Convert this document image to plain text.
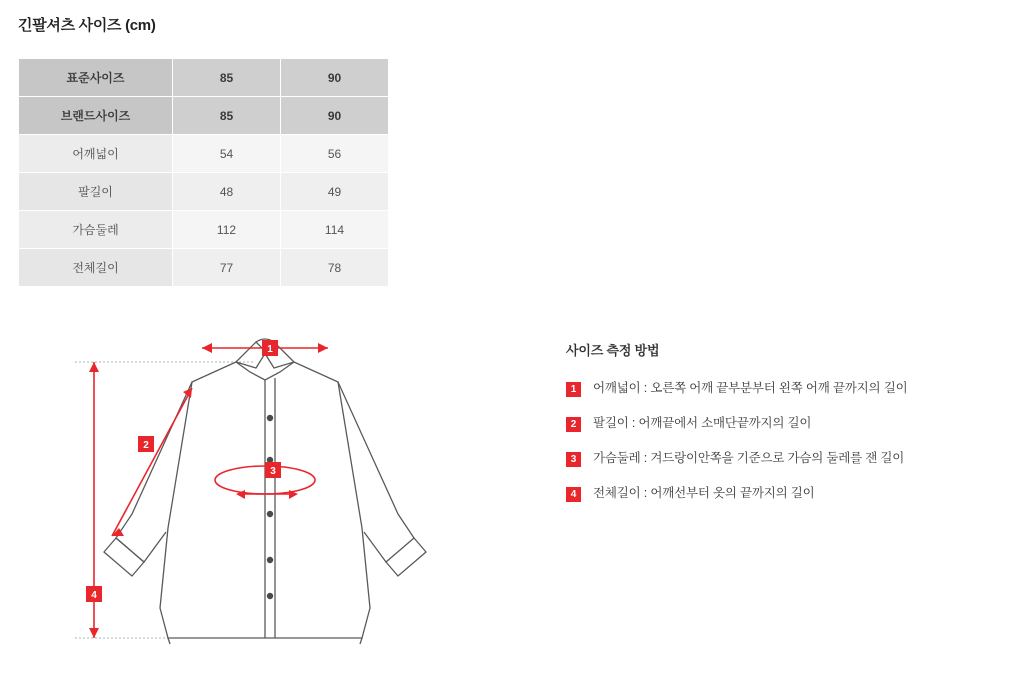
긴팔셔츠 사이즈 (cm)
표준사이즈	85	90
브랜드사이즈	85	90
어깨넓이	54	56
팔길이	48	49
가슴둘레	112	114
전체길이	77	78
1
2
3
4
사이즈 측정 방법
1	어깨넓이 : 오른쪽 어깨 끝부분부터 왼쪽 어깨 끝까지의 길이
2	팔길이 : 어깨끝에서 소매단끝까지의 길이
3	가슴둘레 : 겨드랑이안쪽을 기준으로 가슴의 둘레를 잰 길이
4	전체길이 : 어깨선부터 옷의 끝까지의 길이
